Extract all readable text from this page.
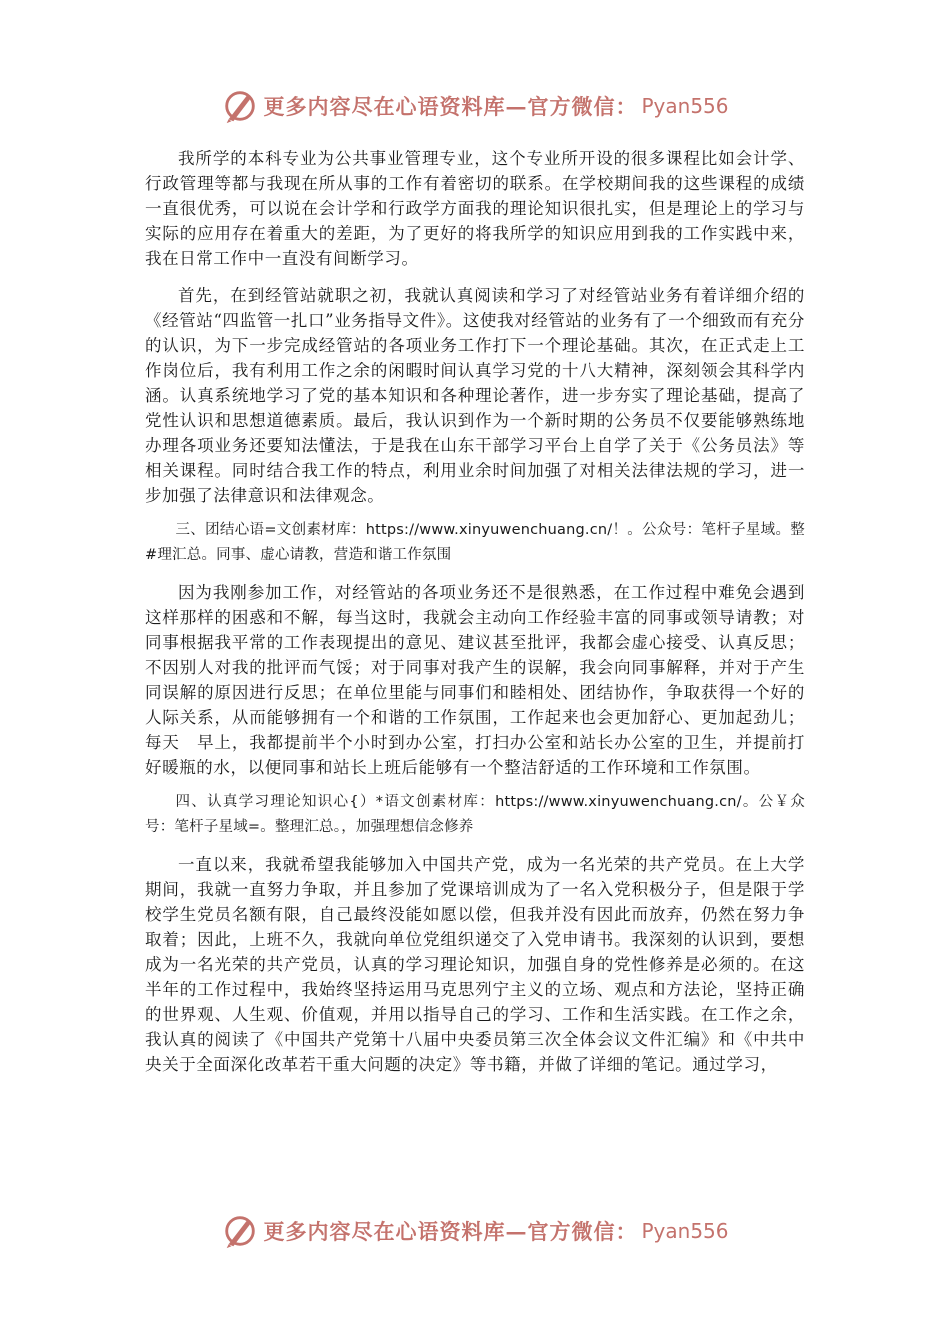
更多内容尽在心语资料库—官方微信： Pyan556

我所学的本科专业为公共事业管理专业，这个专业所开设的很多课程比如会计学、行政管理等都与我现在所从事的工作有着密切的联系。在学校期间我的这些课程的成绩一直很优秀，可以说在会计学和行政学方面我的理论知识很扎实，但是理论上的学习与实际的应用存在着重大的差距，为了更好的将我所学的知识应用到我的工作实践中来，我在日常工作中一直没有间断学习。

首先，在到经管站就职之初，我就认真阅读和学习了对经管站业务有着详细介绍的《经管站“四监管一扎口”业务指导文件》。这使我对经管站的业务有了一个细致而有充分的认识，为下一步完成经管站的各项业务工作打下一个理论基础。其次，在正式走上工作岗位后，我有利用工作之余的闲暇时间认真学习党的十八大精神，深刻领会其科学内涵。认真系统地学习了党的基本知识和各种理论著作，进一步夯实了理论基础，提高了党性认识和思想道德素质。最后，我认识到作为一个新时期的公务员不仅要能够熟练地办理各项业务还要知法懂法，于是我在山东干部学习平台上自学了关于《公务员法》等相关课程。同时结合我工作的特点，利用业余时间加强了对相关法律法规的学习，进一步加强了法律意识和法律观念。

三、团结心语=文创素材库：https://www.xinyuwenchuang.cn/！。公众号：笔杆子星域。整#理汇总。同事、虚心请教，营造和谐工作氛围

因为我刚参加工作，对经管站的各项业务还不是很熟悉，在工作过程中难免会遇到这样那样的困惑和不解，每当这时，我就会主动向工作经验丰富的同事或领导请教；对同事根据我平常的工作表现提出的意见、建议甚至批评，我都会虚心接受、认真反思；不因别人对我的批评而气馁；对于同事对我产生的误解，我会向同事解释，并对于产生同误解的原因进行反思；在单位里能与同事们和睦相处、团结协作，争取获得一个好的人际关系，从而能够拥有一个和谐的工作氛围，工作起来也会更加舒心、更加起劲儿；每天　早上，我都提前半个小时到办公室，打扫办公室和站长办公室的卫生，并提前打好暖瓶的水，以便同事和站长上班后能够有一个整洁舒适的工作环境和工作氛围。

四、认真学习理论知识心{）*语文创素材库：https://www.xinyuwenchuang.cn/。公￥众号：笔杆子星域=。整理汇总。，加强理想信念修养

一直以来，我就希望我能够加入中国共产党，成为一名光荣的共产党员。在上大学期间，我就一直努力争取，并且参加了党课培训成为了一名入党积极分子，但是限于学校学生党员名额有限，自己最终没能如愿以偿，但我并没有因此而放弃，仍然在努力争取着；因此，上班不久，我就向单位党组织递交了入党申请书。我深刻的认识到，要想成为一名光荣的共产党员，认真的学习理论知识，加强自身的党性修养是必须的。在这半年的工作过程中，我始终坚持运用马克思列宁主义的立场、观点和方法论，坚持正确的世界观、人生观、价值观，并用以指导自己的学习、工作和生活实践。在工作之余，我认真的阅读了《中国共产党第十八届中央委员第三次全体会议文件汇编》和《中共中央关于全面深化改革若干重大问题的决定》等书籍，并做了详细的笔记。通过学习，

更多内容尽在心语资料库—官方微信： Pyan556
